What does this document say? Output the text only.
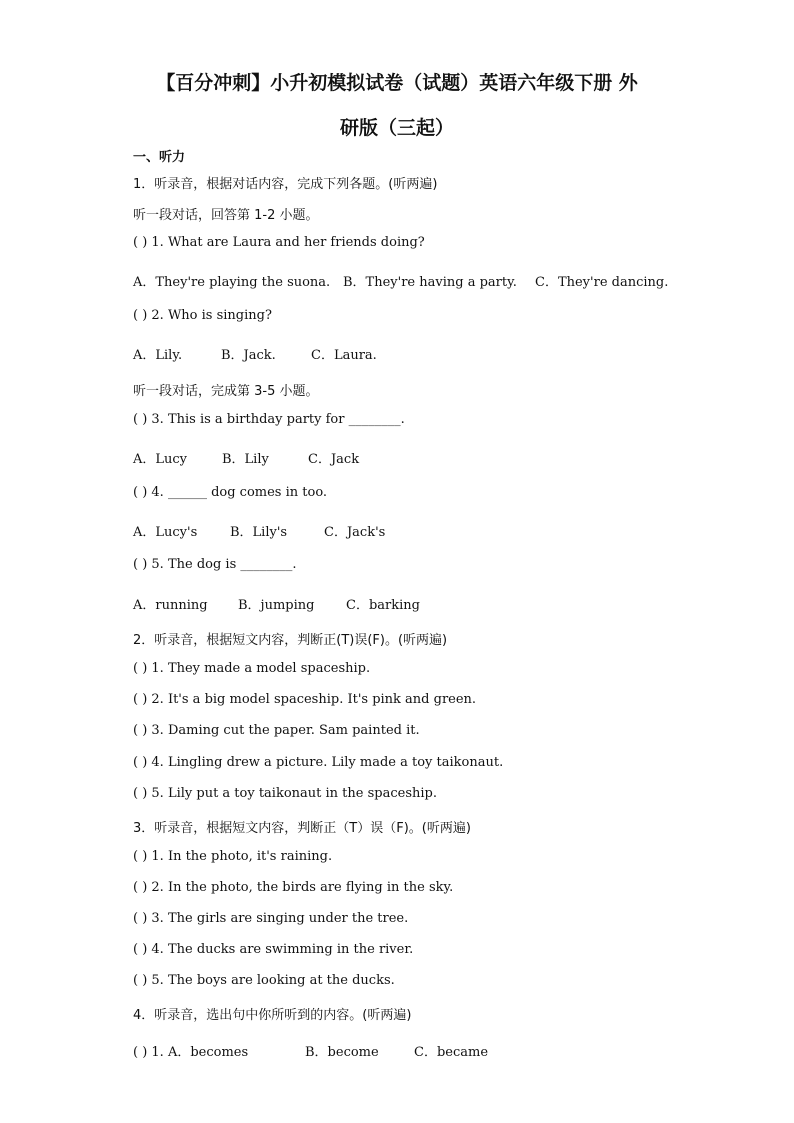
【百分冲刺】小升初模拟试卷（试题）英语六年级下册 外
研版（三起）
一、听力
1．听录音，根据对话内容，完成下列各题。(听两遍)
听一段对话，回答第 1-2 小题。
( ) 1. What are Laura and her friends doing?
A．They're playing the suona. B．They're having a party. C．They're dancing.
( ) 2. Who is singing?
A．Lily.	B．Jack.	C．Laura.
听一段对话，完成第 3-5 小题。
( ) 3. This is a birthday party for ________.
A．Lucy	B．Lily	C．Jack
( ) 4. ______ dog comes in too.
A．Lucy's	B．Lily's	C．Jack's
( ) 5. The dog is ________.
A．running B．jumping C．barking
2．听录音，根据短文内容，判断正(T)误(F)。(听两遍)
( ) 1. They made a model spaceship.
( ) 2. It's a big model spaceship. It's pink and green.
( ) 3. Daming cut the paper. Sam painted it.
( ) 4. Lingling drew a picture. Lily made a toy taikonaut.
( ) 5. Lily put a toy taikonaut in the spaceship.
3．听录音，根据短文内容，判断正（T）误（F)。(听两遍)
( ) 1. In the photo, it's raining.
( ) 2. In the photo, the birds are flying in the sky.
( ) 3. The girls are singing under the tree.
( ) 4. The ducks are swimming in the river.
( ) 5. The boys are looking at the ducks.
4．听录音，选出句中你所听到的内容。(听两遍)
( ) 1. A．becomes	B．become	C．became
